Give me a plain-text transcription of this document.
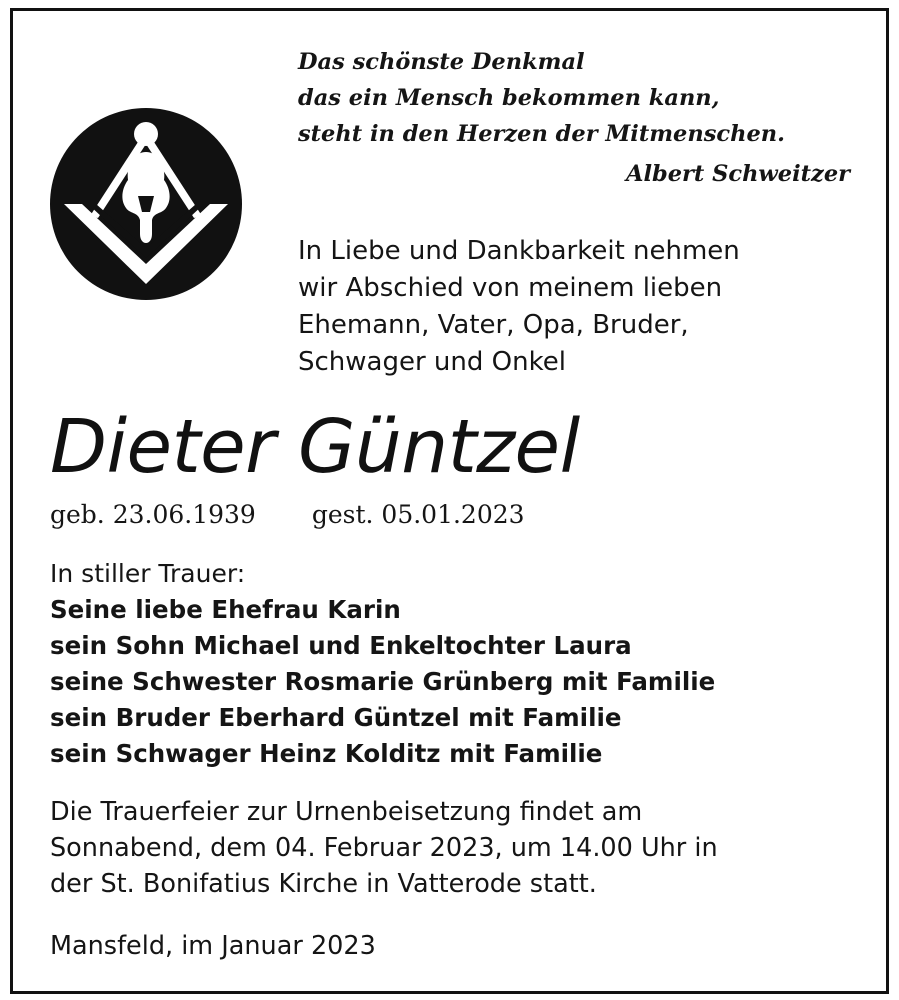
Das schönste Denkmal
das ein Mensch bekommen kann,
steht in den Herzen der Mitmenschen.
Albert Schweitzer
In Liebe und Dankbarkeit nehmen
wir Abschied von meinem lieben
Ehemann, Vater, Opa, Bruder,
Schwager und Onkel
Dieter Güntzel
geb. 23.06.1939 gest. 05.01.2023
In stiller Trauer:
Seine liebe Ehefrau Karin
sein Sohn Michael und Enkeltochter Laura
seine Schwester Rosmarie Grünberg mit Familie
sein Bruder Eberhard Güntzel mit Familie
sein Schwager Heinz Kolditz mit Familie
Die Trauerfeier zur Urnenbeisetzung findet am
Sonnabend, dem 04. Februar 2023, um 14.00 Uhr in
der St. Bonifatius Kirche in Vatterode statt.
Mansfeld, im Januar 2023
